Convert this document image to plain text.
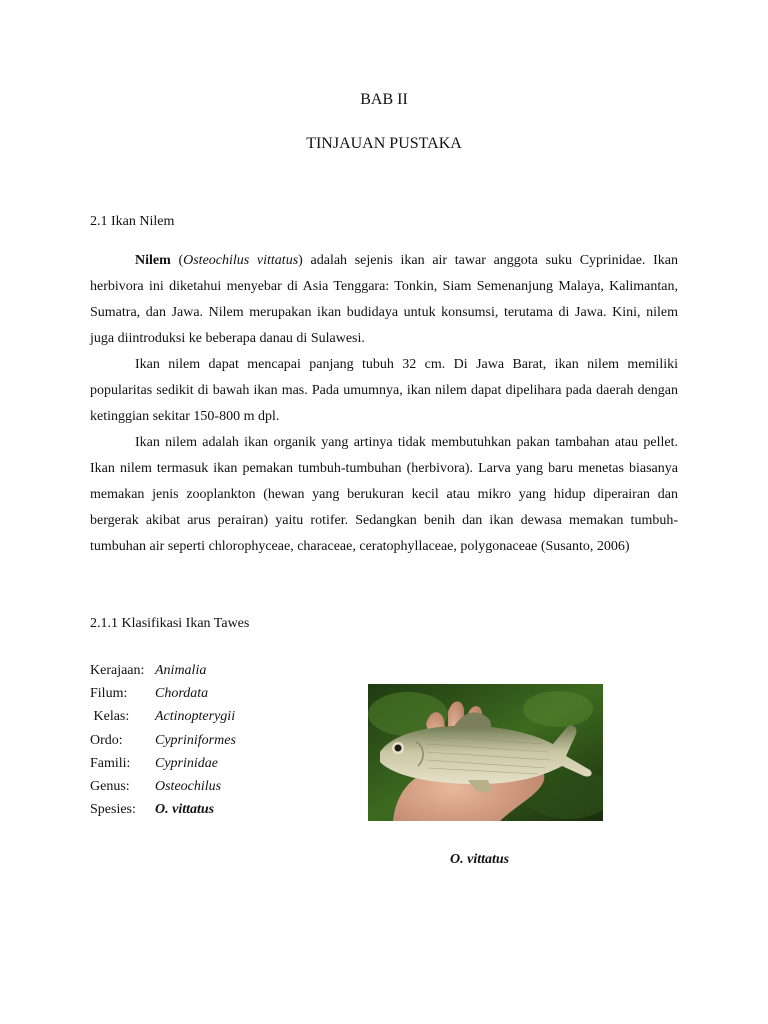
BAB II
TINJAUAN PUSTAKA
2.1 Ikan Nilem

Nilem (Osteochilus vittatus) adalah sejenis ikan air tawar anggota suku Cyprinidae. Ikan herbivora ini diketahui menyebar di Asia Tenggara: Tonkin, Siam Semenanjung Malaya, Kalimantan, Sumatra, dan Jawa. Nilem merupakan ikan budidaya untuk konsumsi, terutama di Jawa. Kini, nilem juga diintroduksi ke beberapa danau di Sulawesi.

Ikan nilem dapat mencapai panjang tubuh 32 cm. Di Jawa Barat, ikan nilem memiliki popularitas sedikit di bawah ikan mas. Pada umumnya, ikan nilem dapat dipelihara pada daerah dengan ketinggian sekitar 150-800 m dpl.

Ikan nilem adalah ikan organik yang artinya tidak membutuhkan pakan tambahan atau pellet. Ikan nilem termasuk ikan pemakan tumbuh-tumbuhan (herbivora). Larva yang baru menetas biasanya memakan jenis zooplankton (hewan yang berukuran kecil atau mikro yang hidup diperairan dan bergerak akibat arus perairan) yaitu rotifer. Sedangkan benih dan ikan dewasa memakan tumbuh-tumbuhan air seperti chlorophyceae, characeae, ceratophyllaceae, polygonaceae (Susanto, 2006)

2.1.1 Klasifikasi Ikan Tawes
Kerajaan: Animalia
Filum:	Chordata
Kelas:	Actinopterygii
Ordo:	Cypriniformes
Famili:	Cyprinidae
Genus:	Osteochilus
Spesies:	O. vittatus
O. vittatus
